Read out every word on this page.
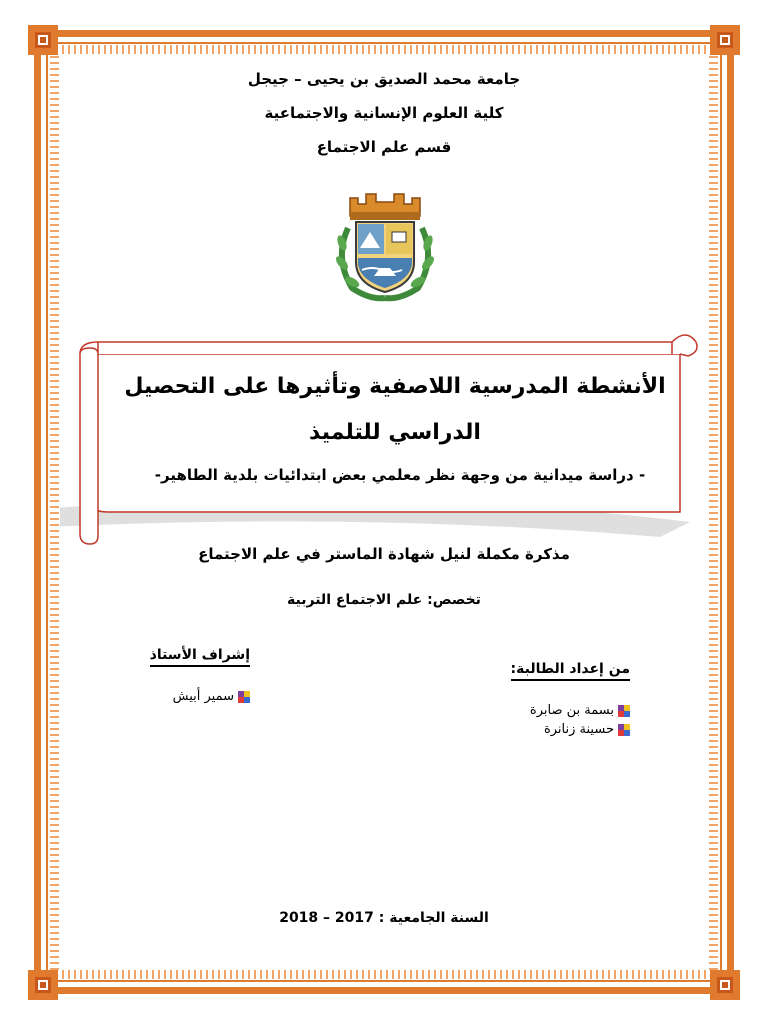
جامعة محمد الصديق بن يحيى – جيجل
كلية العلوم الإنسانية والاجتماعية
قسم علم الاجتماع
الأنشطة المدرسية اللاصفية وتأثيرها على التحصيل
الدراسي للتلميذ
- دراسة ميدانية من وجهة نظر معلمي بعض ابتدائيات بلدية الطاهير-
مذكرة مكملة لنيل شهادة الماستر في علم الاجتماع
تخصص: علم الاجتماع التربية
من إعداد الطالبة:
بسمة بن صابرة
حسينة زنانرة
إشراف الأستاذ
سمير أبيش
السنة الجامعية : 2017 – 2018
